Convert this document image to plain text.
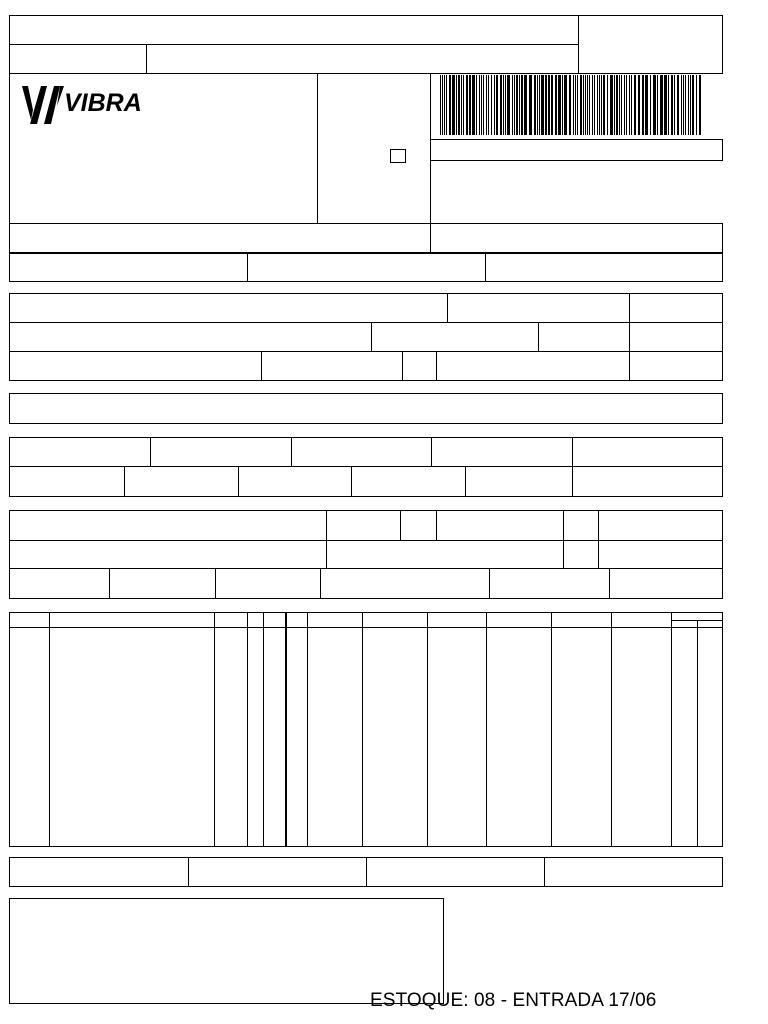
VIBRA
ESTOQUE: 08 - ENTRADA 17/06
